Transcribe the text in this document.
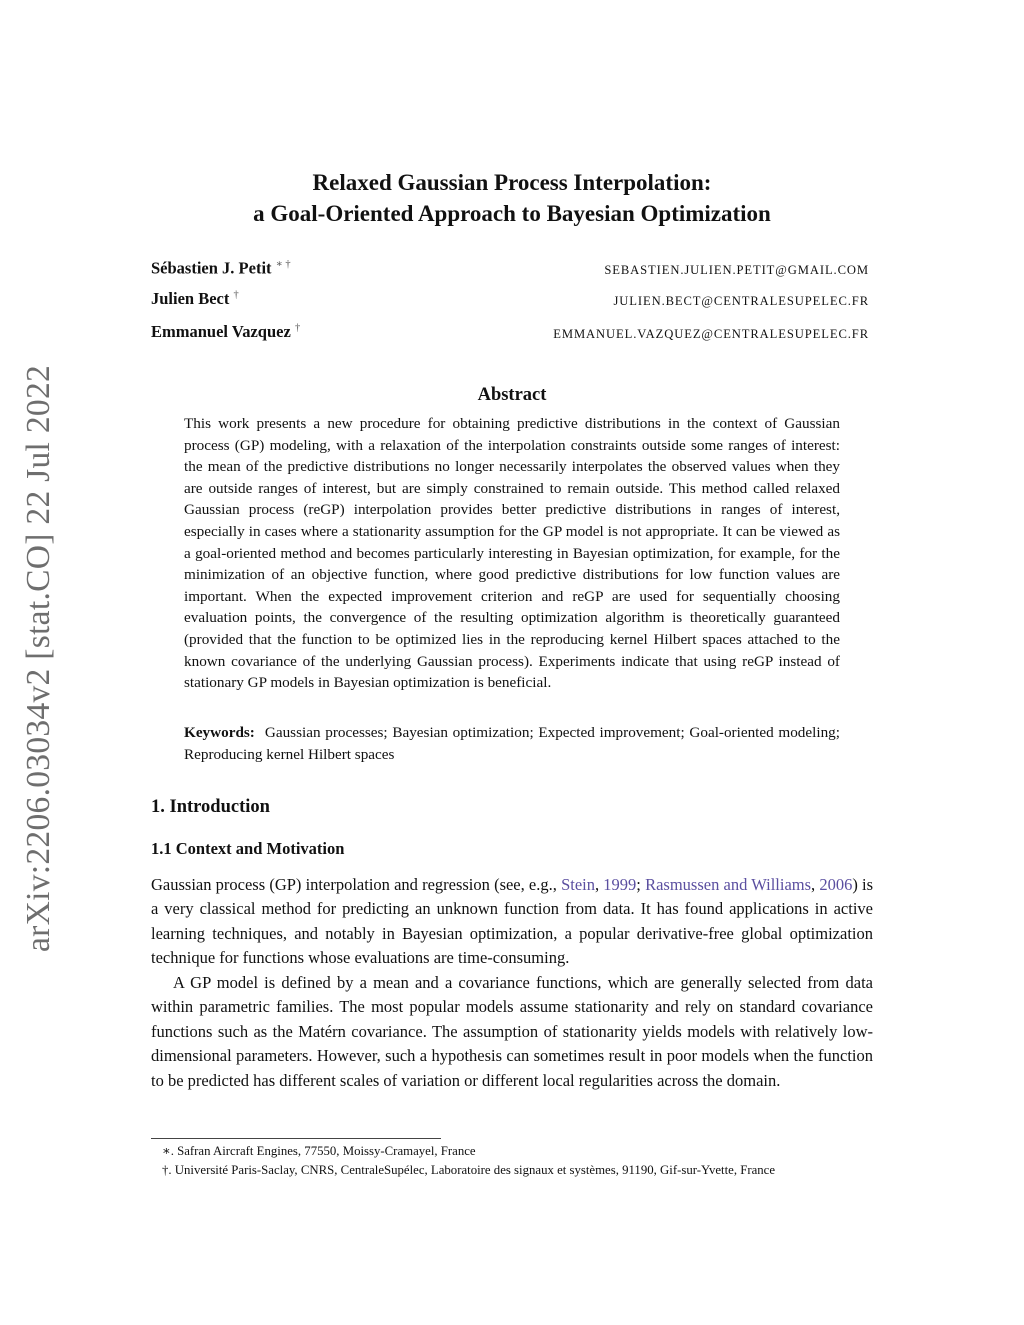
arXiv:2206.03034v2 [stat.CO] 22 Jul 2022
Relaxed Gaussian Process Interpolation:
a Goal-Oriented Approach to Bayesian Optimization
Sébastien J. Petit ∗ †	SEBASTIEN.JULIEN.PETIT@GMAIL.COM
Julien Bect †	JULIEN.BECT@CENTRALESUPELEC.FR
Emmanuel Vazquez †	EMMANUEL.VAZQUEZ@CENTRALESUPELEC.FR
Abstract
This work presents a new procedure for obtaining predictive distributions in the context of Gaussian process (GP) modeling, with a relaxation of the interpolation constraints outside some ranges of interest: the mean of the predictive distributions no longer necessarily interpolates the observed values when they are outside ranges of interest, but are simply constrained to remain outside. This method called relaxed Gaussian process (reGP) interpolation provides better predictive distributions in ranges of interest, especially in cases where a stationarity assumption for the GP model is not appropriate. It can be viewed as a goal-oriented method and becomes particularly interesting in Bayesian optimization, for example, for the minimization of an objective function, where good predictive distributions for low function values are important. When the expected improvement criterion and reGP are used for sequentially choosing evaluation points, the convergence of the resulting optimization algorithm is theoretically guaranteed (provided that the function to be optimized lies in the reproducing kernel Hilbert spaces attached to the known covariance of the underlying Gaussian process). Experiments indicate that using reGP instead of stationary GP models in Bayesian optimization is beneficial.
Keywords: Gaussian processes; Bayesian optimization; Expected improvement; Goal-oriented modeling; Reproducing kernel Hilbert spaces
1. Introduction
1.1 Context and Motivation

Gaussian process (GP) interpolation and regression (see, e.g., Stein, 1999; Rasmussen and Williams, 2006) is a very classical method for predicting an unknown function from data. It has found applications in active learning techniques, and notably in Bayesian optimization, a popular derivative-free global optimization technique for functions whose evaluations are time-consuming.

A GP model is defined by a mean and a covariance functions, which are generally selected from data within parametric families. The most popular models assume stationarity and rely on standard covariance functions such as the Matérn covariance. The assumption of stationarity yields models with relatively low-dimensional parameters. However, such a hypothesis can sometimes result in poor models when the function to be predicted has different scales of variation or different local regularities across the domain.

∗. Safran Aircraft Engines, 77550, Moissy-Cramayel, France
†. Université Paris-Saclay, CNRS, CentraleSupélec, Laboratoire des signaux et systèmes, 91190, Gif-sur-Yvette, France
